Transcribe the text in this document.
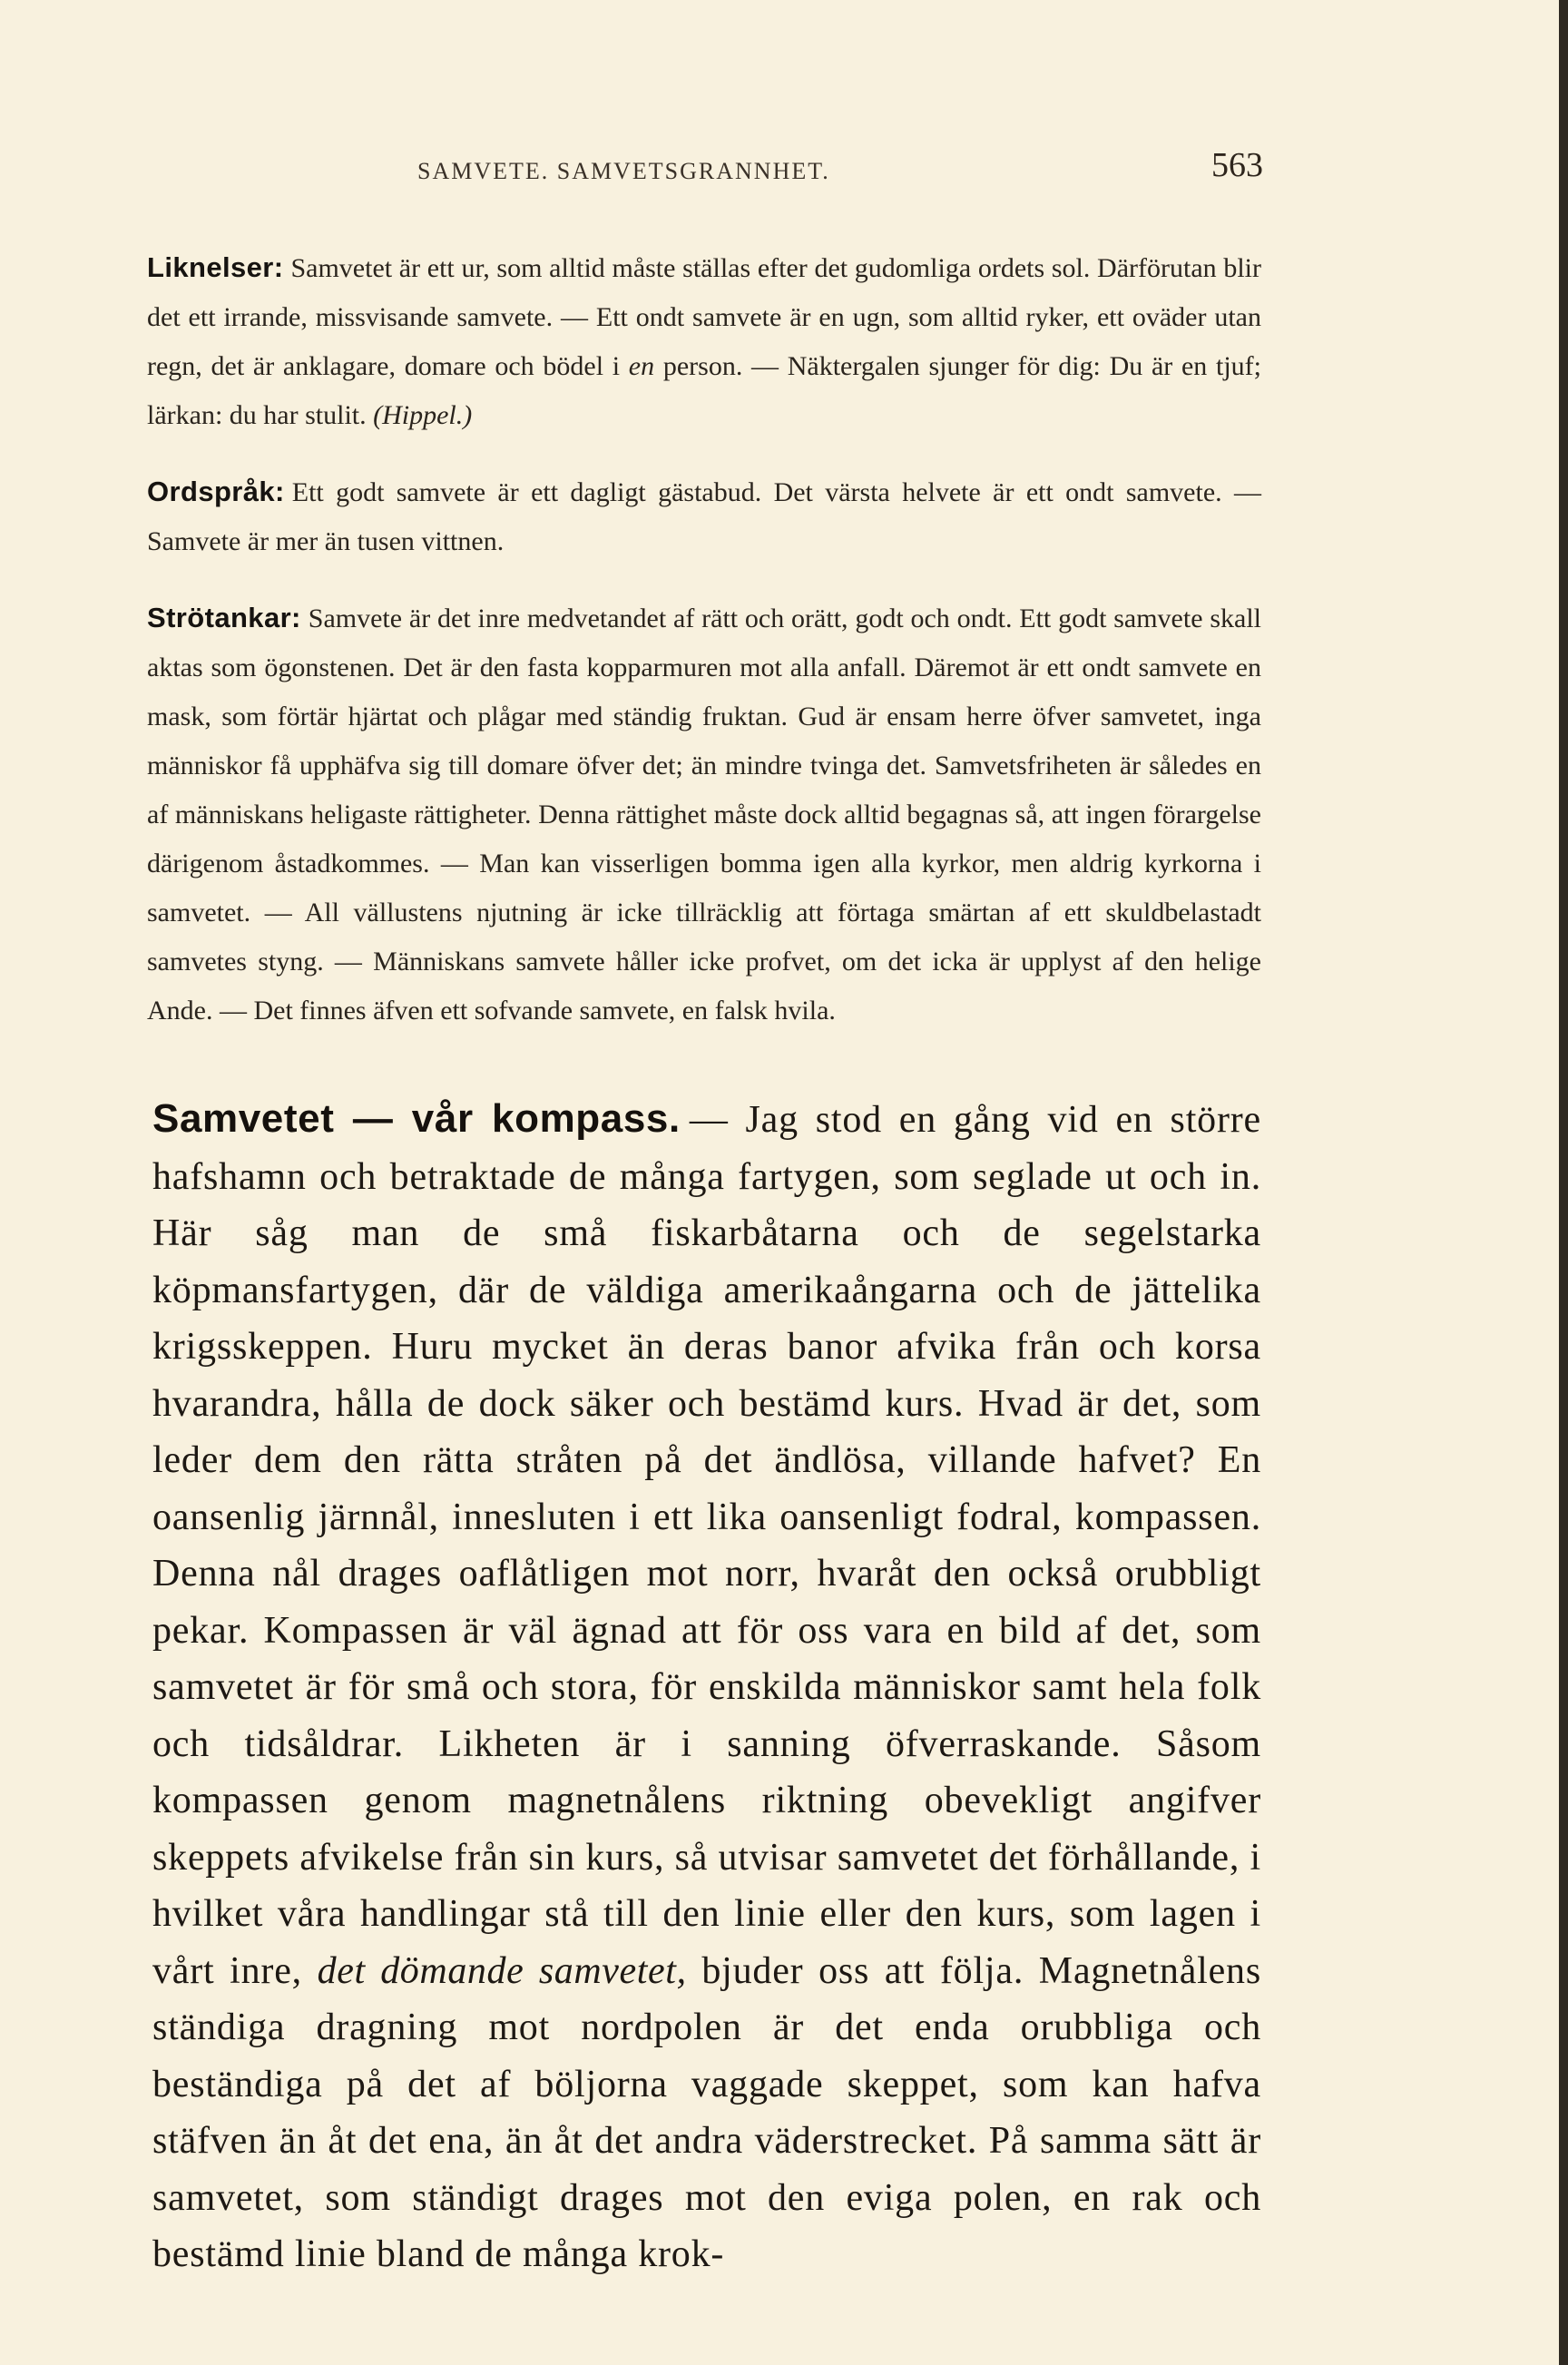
SAMVETE. SAMVETSGRANNHET.	563

Liknelser: Samvetet är ett ur, som alltid måste ställas efter det gudomliga ordets sol. Därförutan blir det ett irrande, missvisande samvete. — Ett ondt samvete är en ugn, som alltid ryker, ett oväder utan regn, det är anklagare, domare och bödel i en person. — Näktergalen sjunger för dig: Du är en tjuf; lärkan: du har stulit. (Hippel.)

Ordspråk: Ett godt samvete är ett dagligt gästabud. Det värsta helvete är ett ondt samvete. — Samvete är mer än tusen vittnen.

Strötankar: Samvete är det inre medvetandet af rätt och orätt, godt och ondt. Ett godt samvete skall aktas som ögonstenen. Det är den fasta kopparmuren mot alla anfall. Däremot är ett ondt samvete en mask, som förtär hjärtat och plågar med ständig fruktan. Gud är ensam herre öfver samvetet, inga människor få upphäfva sig till domare öfver det; än mindre tvinga det. Samvetsfriheten är således en af människans heligaste rättigheter. Denna rättighet måste dock alltid begagnas så, att ingen förargelse därigenom åstadkommes. — Man kan visserligen bomma igen alla kyrkor, men aldrig kyrkorna i samvetet. — All vällustens njutning är icke tillräcklig att förtaga smärtan af ett skuldbelastadt samvetes styng. — Människans samvete håller icke profvet, om det icka är upplyst af den helige Ande. — Det finnes äfven ett sofvande samvete, en falsk hvila.

Samvetet — vår kompass. — Jag stod en gång vid en större hafshamn och betraktade de många fartygen, som seglade ut och in. Här såg man de små fiskarbåtarna och de segelstarka köpmansfartygen, där de väldiga amerikaångarna och de jättelika krigsskeppen. Huru mycket än deras banor afvika från och korsa hvarandra, hålla de dock säker och bestämd kurs. Hvad är det, som leder dem den rätta stråten på det ändlösa, villande hafvet? En oansenlig järnnål, innesluten i ett lika oansenligt fodral, kompassen. Denna nål drages oaflåtligen mot norr, hvaråt den också orubbligt pekar. Kompassen är väl ägnad att för oss vara en bild af det, som samvetet är för små och stora, för enskilda människor samt hela folk och tidsåldrar. Likheten är i sanning öfverraskande. Såsom kompassen genom magnetnålens riktning obevekligt angifver skeppets afvikelse från sin kurs, så utvisar samvetet det förhållande, i hvilket våra handlingar stå till den linie eller den kurs, som lagen i vårt inre, det dömande samvetet, bjuder oss att följa. Magnetnålens ständiga dragning mot nordpolen är det enda orubbliga och beständiga på det af böljorna vaggade skeppet, som kan hafva stäfven än åt det ena, än åt det andra väderstrecket. På samma sätt är samvetet, som ständigt drages mot den eviga polen, en rak och bestämd linie bland de många krok-
